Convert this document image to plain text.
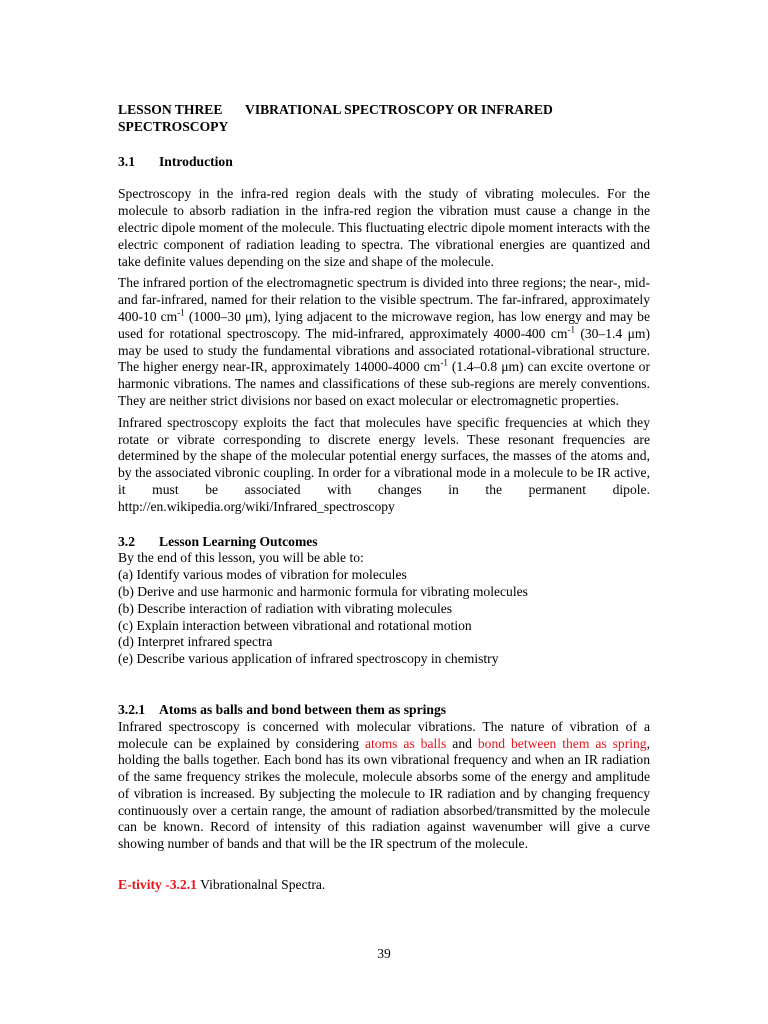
LESSON THREE VIBRATIONAL SPECTROSCOPY OR INFRARED SPECTROSCOPY
3.1 Introduction

Spectroscopy in the infra-red region deals with the study of vibrating molecules. For the molecule to absorb radiation in the infra-red region the vibration must cause a change in the electric dipole moment of the molecule. This fluctuating electric dipole moment interacts with the electric component of radiation leading to spectra. The vibrational energies are quantized and take definite values depending on the size and shape of the molecule.

The infrared portion of the electromagnetic spectrum is divided into three regions; the near-, mid- and far-infrared, named for their relation to the visible spectrum. The far-infrared, approximately 400-10 $cm^{-1}$ (1000–30 μm), lying adjacent to the microwave region, has low energy and may be used for rotational spectroscopy. The mid-infrared, approximately 4000-400 $cm^{-1}$ (30–1.4 μm) may be used to study the fundamental vibrations and associated rotational-vibrational structure. The higher energy near-IR, approximately 14000-4000 $cm^{-1}$ (1.4–0.8 μm) can excite overtone or harmonic vibrations. The names and classifications of these sub-regions are merely conventions. They are neither strict divisions nor based on exact molecular or electromagnetic properties.

Infrared spectroscopy exploits the fact that molecules have specific frequencies at which they rotate or vibrate corresponding to discrete energy levels. These resonant frequencies are determined by the shape of the molecular potential energy surfaces, the masses of the atoms and, by the associated vibronic coupling. In order for a vibrational mode in a molecule to be IR active, it must be associated with changes in the permanent dipole. http://en.wikipedia.org/wiki/Infrared_spectroscopy

3.2 Lesson Learning Outcomes
By the end of this lesson, you will be able to:
(a) Identify various modes of vibration for molecules
(b) Derive and use harmonic and harmonic formula for vibrating molecules
(b) Describe interaction of radiation with vibrating molecules
(c) Explain interaction between vibrational and rotational motion
(d) Interpret infrared spectra
(e) Describe various application of infrared spectroscopy in chemistry
3.2.1 Atoms as balls and bond between them as springs

Infrared spectroscopy is concerned with molecular vibrations. The nature of vibration of a molecule can be explained by considering atoms as balls and bond between them as spring, holding the balls together. Each bond has its own vibrational frequency and when an IR radiation of the same frequency strikes the molecule, molecule absorbs some of the energy and amplitude of vibration is increased. By subjecting the molecule to IR radiation and by changing frequency continuously over a certain range, the amount of radiation absorbed/transmitted by the molecule can be known. Record of intensity of this radiation against wavenumber will give a curve showing number of bands and that will be the IR spectrum of the molecule.

E-tivity -3.2.1 Vibrationalnal Spectra.

39
